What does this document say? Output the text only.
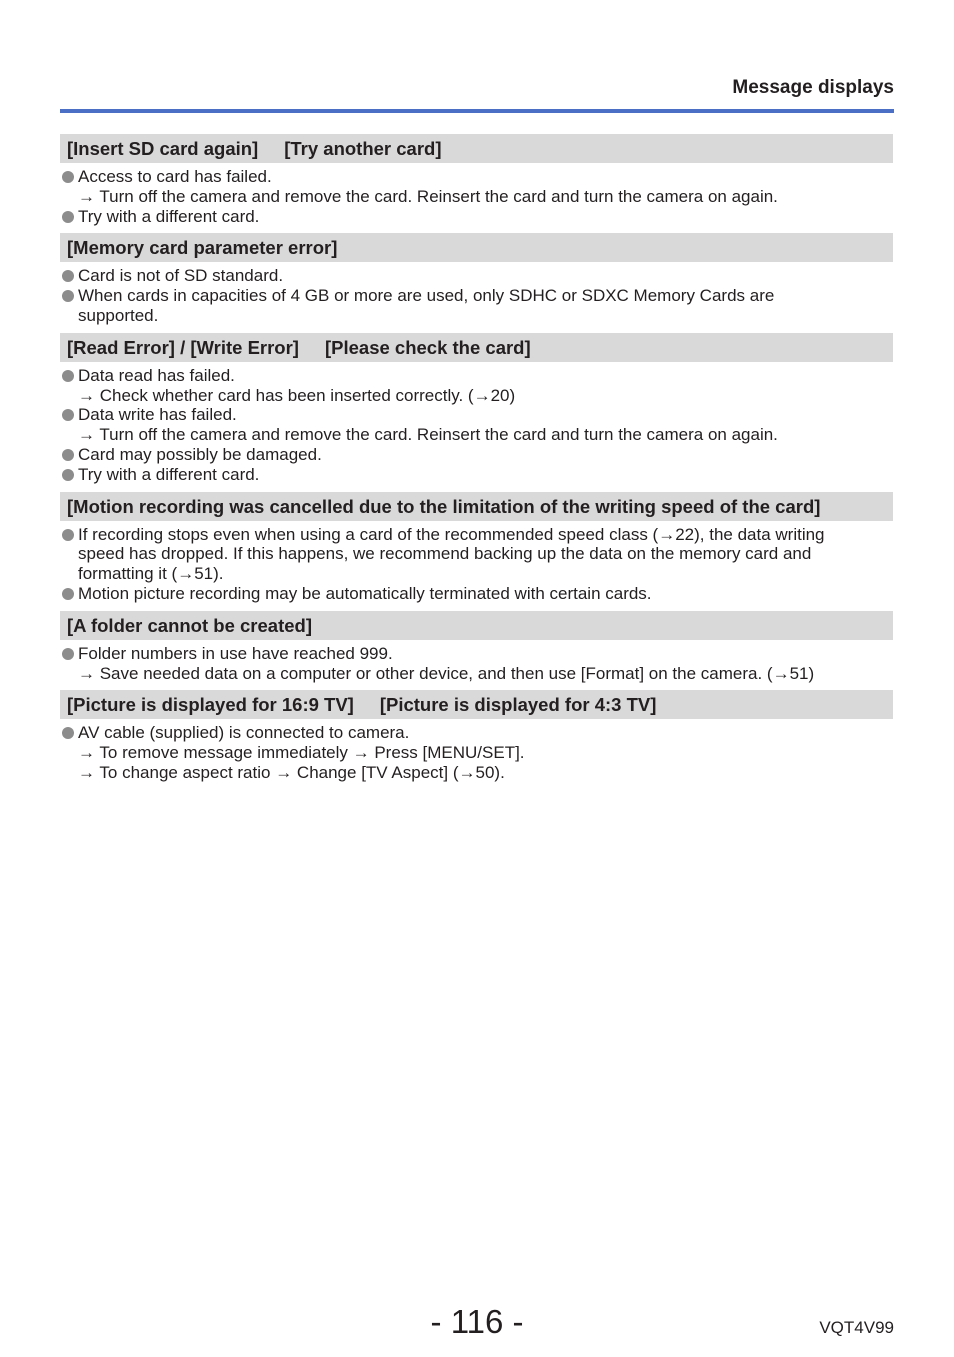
Message displays
[Insert SD card again] [Try another card]
Access to card has failed.
→ Turn off the camera and remove the card. Reinsert the card and turn the camera on again.
Try with a different card.
[Memory card parameter error]
Card is not of SD standard.
When cards in capacities of 4 GB or more are used, only SDHC or SDXC Memory Cards are
supported.
[Read Error] / [Write Error] [Please check the card]
Data read has failed.
→ Check whether card has been inserted correctly. (→20)
Data write has failed.
→ Turn off the camera and remove the card. Reinsert the card and turn the camera on again.
Card may possibly be damaged.
Try with a different card.
[Motion recording was cancelled due to the limitation of the writing speed of the card]
If recording stops even when using a card of the recommended speed class (→22), the data writing
speed has dropped. If this happens, we recommend backing up the data on the memory card and
formatting it (→51).
Motion picture recording may be automatically terminated with certain cards.
[A folder cannot be created]
Folder numbers in use have reached 999.
→ Save needed data on a computer or other device, and then use [Format] on the camera. (→51)
[Picture is displayed for 16:9 TV] [Picture is displayed for 4:3 TV]
AV cable (supplied) is connected to camera.
→ To remove message immediately → Press [MENU/SET].
→ To change aspect ratio → Change [TV Aspect] (→50).
- 116 -	VQT4V99
